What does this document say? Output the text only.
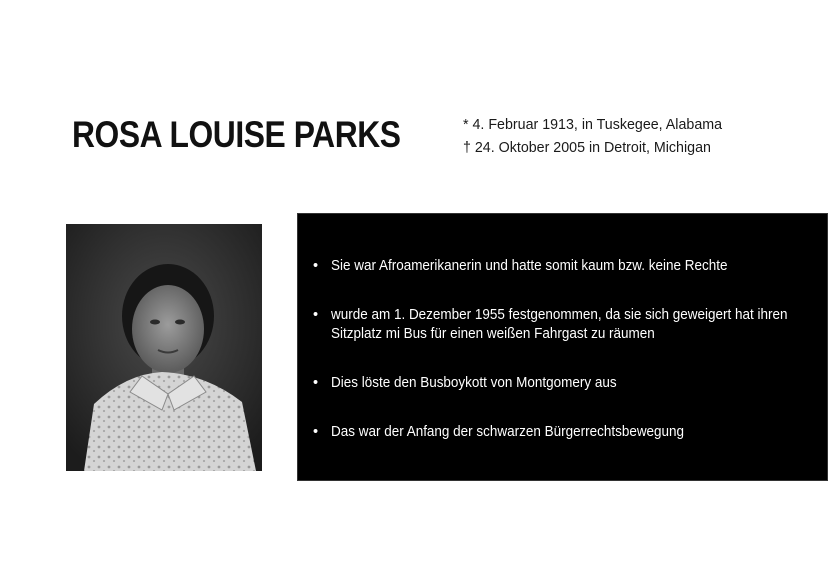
ROSA LOUISE PARKS	* 4. Februar 1913, in Tuskegee, Alabama
† 24. Oktober 2005 in Detroit, Michigan
• Sie war Afroamerikanerin und hatte somit kaum bzw. keine Rechte
• wurde am 1. Dezember 1955 festgenommen, da sie sich geweigert hat ihren Sitzplatz mi Bus für einen weißen Fahrgast zu räumen
• Dies löste den Busboykott von Montgomery aus
• Das war der Anfang der schwarzen Bürgerrechtsbewegung
